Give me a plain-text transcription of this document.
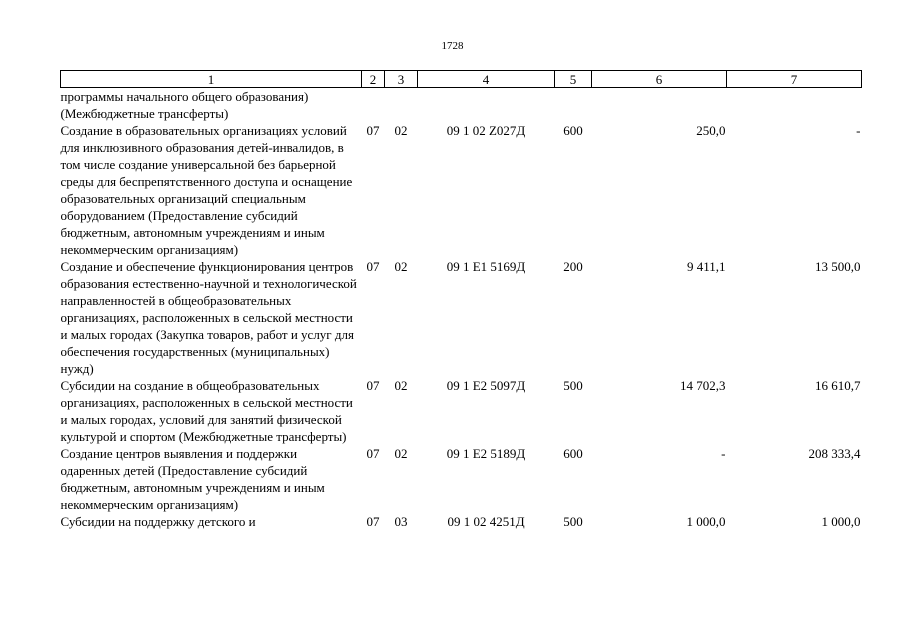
1728
1	2	3	4	5	6	7
программы начального общего образования) (Межбюджетные трансферты)						
Создание в образовательных организациях условий для инклюзивного образования детей-инвалидов, в том числе создание универсальной без барьерной среды для беспрепятственного доступа и оснащение образовательных организаций специальным оборудованием (Предоставление субсидий бюджетным, автономным учреждениям и иным некоммерческим организациям)	07	02	09 1 02 Z027Д	600	250,0	-
Создание и обеспечение функционирования центров образования естественно-научной и технологической направленностей в общеобразовательных организациях, расположенных в сельской местности и малых городах (Закупка товаров, работ и услуг для обеспечения государственных (муниципальных) нужд)	07	02	09 1 E1 5169Д	200	9 411,1	13 500,0
Субсидии на создание в общеобразовательных организациях, расположенных в сельской местности и малых городах, условий для занятий физической культурой и спортом (Межбюджетные трансферты)	07	02	09 1 E2 5097Д	500	14 702,3	16 610,7
Создание центров выявления и поддержки одаренных детей (Предоставление субсидий бюджетным, автономным учреждениям и иным некоммерческим организациям)	07	02	09 1 E2 5189Д	600	-	208 333,4
Субсидии на поддержку детского и	07	03	09 1 02 4251Д	500	1 000,0	1 000,0
